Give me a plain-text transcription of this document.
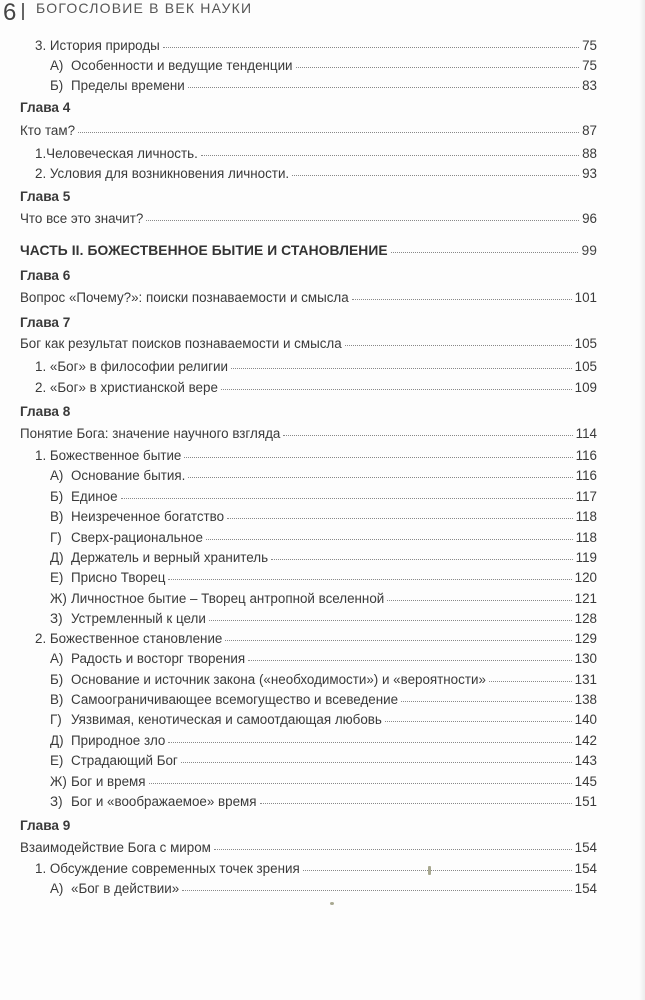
6 БОГОСЛОВИЕ В ВЕК НАУКИ
3. История природы	75
А) Особенности и ведущие тенденции	75
Б) Пределы времени	83
Глава 4
Кто там?	87
1.Человеческая личность.	88
2. Условия для возникновения личности.	93
Глава 5
Что все это значит?	96
ЧАСТЬ II. БОЖЕСТВЕННОЕ БЫТИЕ И СТАНОВЛЕНИЕ	99
Глава 6
Вопрос «Почему?»: поиски познаваемости и смысла	101
Глава 7
Бог как результат поисков познаваемости и смысла	105
1. «Бог» в философии религии	105
2. «Бог» в христианской вере	109
Глава 8
Понятие Бога: значение научного взгляда	114
1. Божественное бытие	116
А) Основание бытия.	116
Б) Единое	117
В) Неизреченное богатство	118
Г) Сверх-рациональное	118
Д) Держатель и верный хранитель	119
Е) Присно Творец	120
Ж) Личностное бытие – Творец антропной вселенной	121
З) Устремленный к цели	128
2. Божественное становление	129
А) Радость и восторг творения	130
Б) Основание и источник закона («необходимости») и «вероятности»	131
В) Самоограничивающее всемогущество и всеведение	138
Г) Уязвимая, кенотическая и самоотдающая любовь	140
Д) Природное зло	142
Е) Страдающий Бог	143
Ж) Бог и время	145
З) Бог и «воображаемое» время	151
Глава 9
Взаимодействие Бога с миром	154
1. Обсуждение современных точек зрения	154
А) «Бог в действии»	154
